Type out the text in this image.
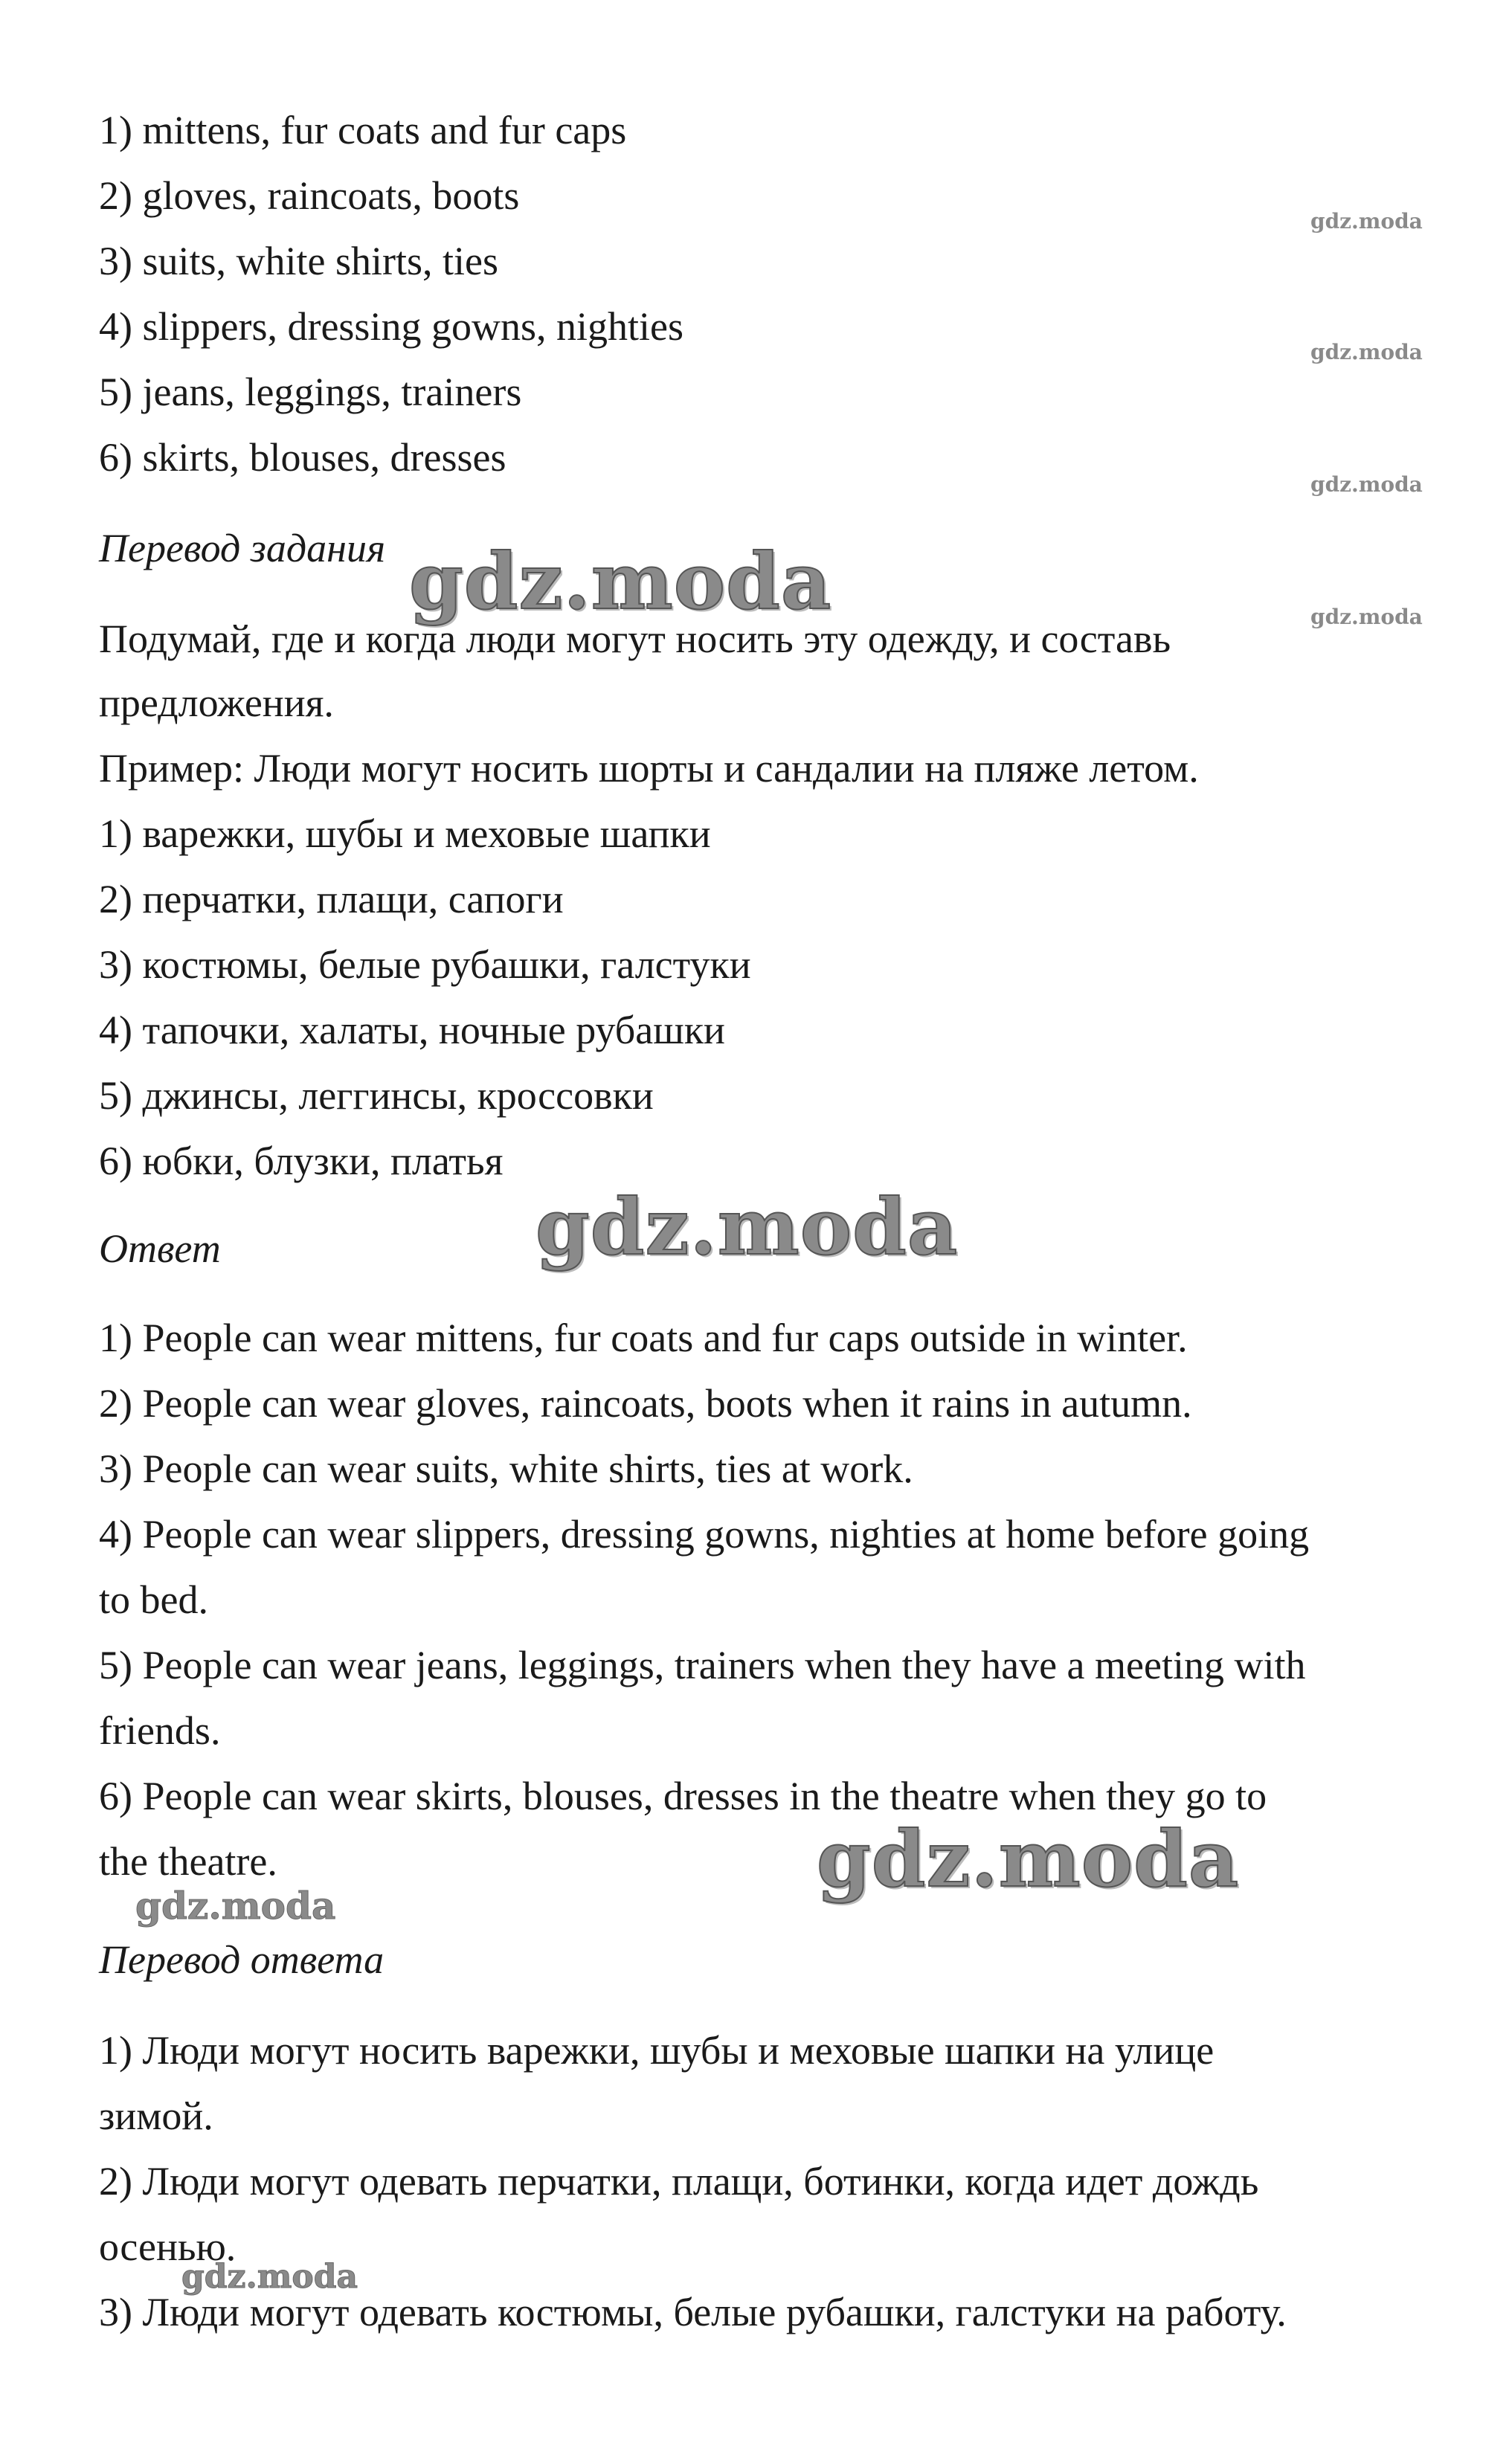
1) mittens, fur coats and fur caps
2) gloves, raincoats, boots
3) suits, white shirts, ties
4) slippers, dressing gowns, nighties
5) jeans, leggings, trainers
6) skirts, blouses, dresses
Перевод задания
Подумай, где и когда люди могут носить эту одежду, и составь
предложения.
Пример: Люди могут носить шорты и сандалии на пляже летом.
1) варежки, шубы и меховые шапки
2) перчатки, плащи, сапоги
3) костюмы, белые рубашки, галстуки
4) тапочки, халаты, ночные рубашки
5) джинсы, леггинсы, кроссовки
6) юбки, блузки, платья
Ответ
1) People can wear mittens, fur coats and fur caps outside in winter.
2) People can wear gloves, raincoats, boots when it rains in autumn.
3) People can wear suits, white shirts, ties at work.
4) People can wear slippers, dressing gowns, nighties at home before going
to bed.
5) People can wear jeans, leggings, trainers when they have a meeting with
friends.
6) People can wear skirts, blouses, dresses in the theatre when they go to
the theatre.
Перевод ответа
1) Люди могут носить варежки, шубы и меховые шапки на улице
зимой.
2) Люди могут одевать перчатки, плащи, ботинки, когда идет дождь
осенью.
3) Люди могут одевать костюмы, белые рубашки, галстуки на работу.
gdz.moda
gdz.moda
gdz.moda
gdz.moda
gdz.moda
gdz.moda
gdz.moda
gdz.moda
gdz.moda
